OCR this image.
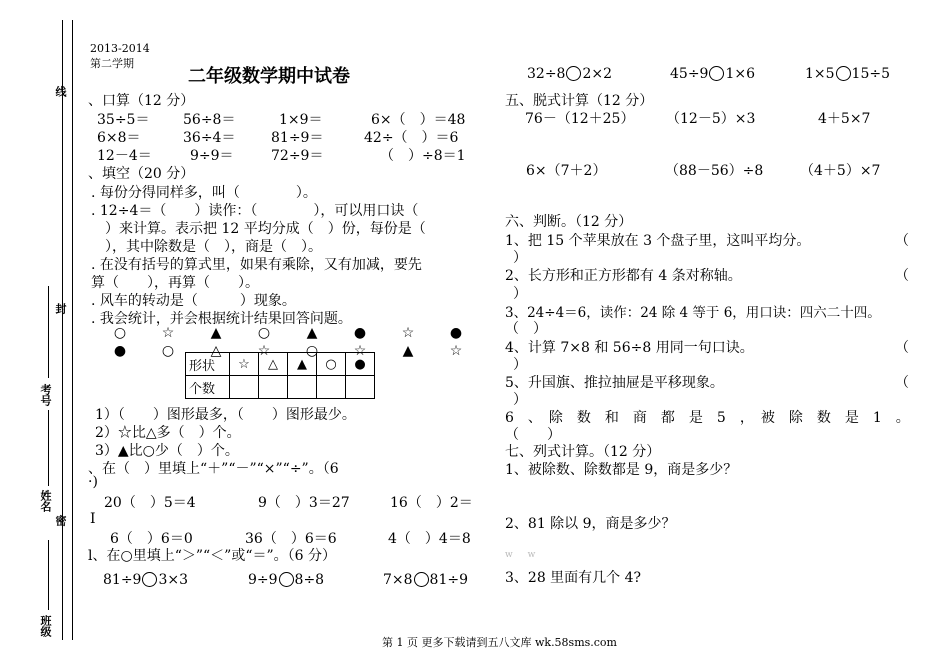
线
封
考号
姓名
密
班级
2013-2014
第二学期
二年级数学期中试卷
、口算（12 分）
35÷5＝ 56÷8＝	1×9＝	6×（　）＝48
6×8＝	36÷4＝	81÷9＝	42÷（　）＝6
12－4＝	9÷9＝	72÷9＝	（　）÷8＝1
、填空（20 分）
. 每份分得同样多，叫（　　　　）。
. 12÷4＝（　　）读作：（　　　　），可以用口诀（
　）来计算。表示把 12 平均分成（　）份，每份是（
　），其中除数是（　），商是（　）。
. 在没有括号的算式里，如果有乘除，又有加减，要先
算（　　），再算（　　）。
. 风车的转动是（　　　）现象。
. 我会统计，并会根据统计结果回答问题。
○	☆	▲	○	▲	●	☆	●
●	○	△	☆	○	☆	▲	☆
形状	☆	△	▲	○	●
个数					
1）（　　）图形最多，（　　）图形最少。
2）☆比△多（　）个。
3）▲比○少（　）个。
、在（　）里填上“＋”“－”“×”“÷”。（6
·)
20（　）5＝4	9（　）3＝27	16（　）2＝
I
6（　）6＝0	36（　）6＝6	4（　）4＝8
l、在○里填上“＞”“＜”或“＝”。（6 分）
81÷9 3×3	9÷9 8÷8	7×8 81÷9
32÷8 2×2	45÷9 1×6	1×5 15÷5
五、脱式计算（12 分）
76－（12＋25） （12－5）×3	4＋5×7
6×（7＋2）	（88－56）÷8	（4＋5）×7
六、判断。（12 分）
1、把 15 个苹果放在 3 个盘子里，这叫平均分。	（
）
2、长方形和正方形都有 4 条对称轴。	（
）
3、24÷4＝6，读作：24 除 4 等于 6，用口诀：四六二十四。
（　）
4、计算 7×8 和 56÷8 用同一句口诀。	（
）
5、升国旗、推拉抽屉是平移现象。	（
）
6　、　除　数　和　商　都　是　5　，　被　除　数　是　1　。
（　　）
七、列式计算。（12 分）
1、被除数、除数都是 9，商是多少？
2、81 除以 9，商是多少？
w w
3、28 里面有几个 4?
第 1 页 更多下载请到五八文库 wk.58sms.com
